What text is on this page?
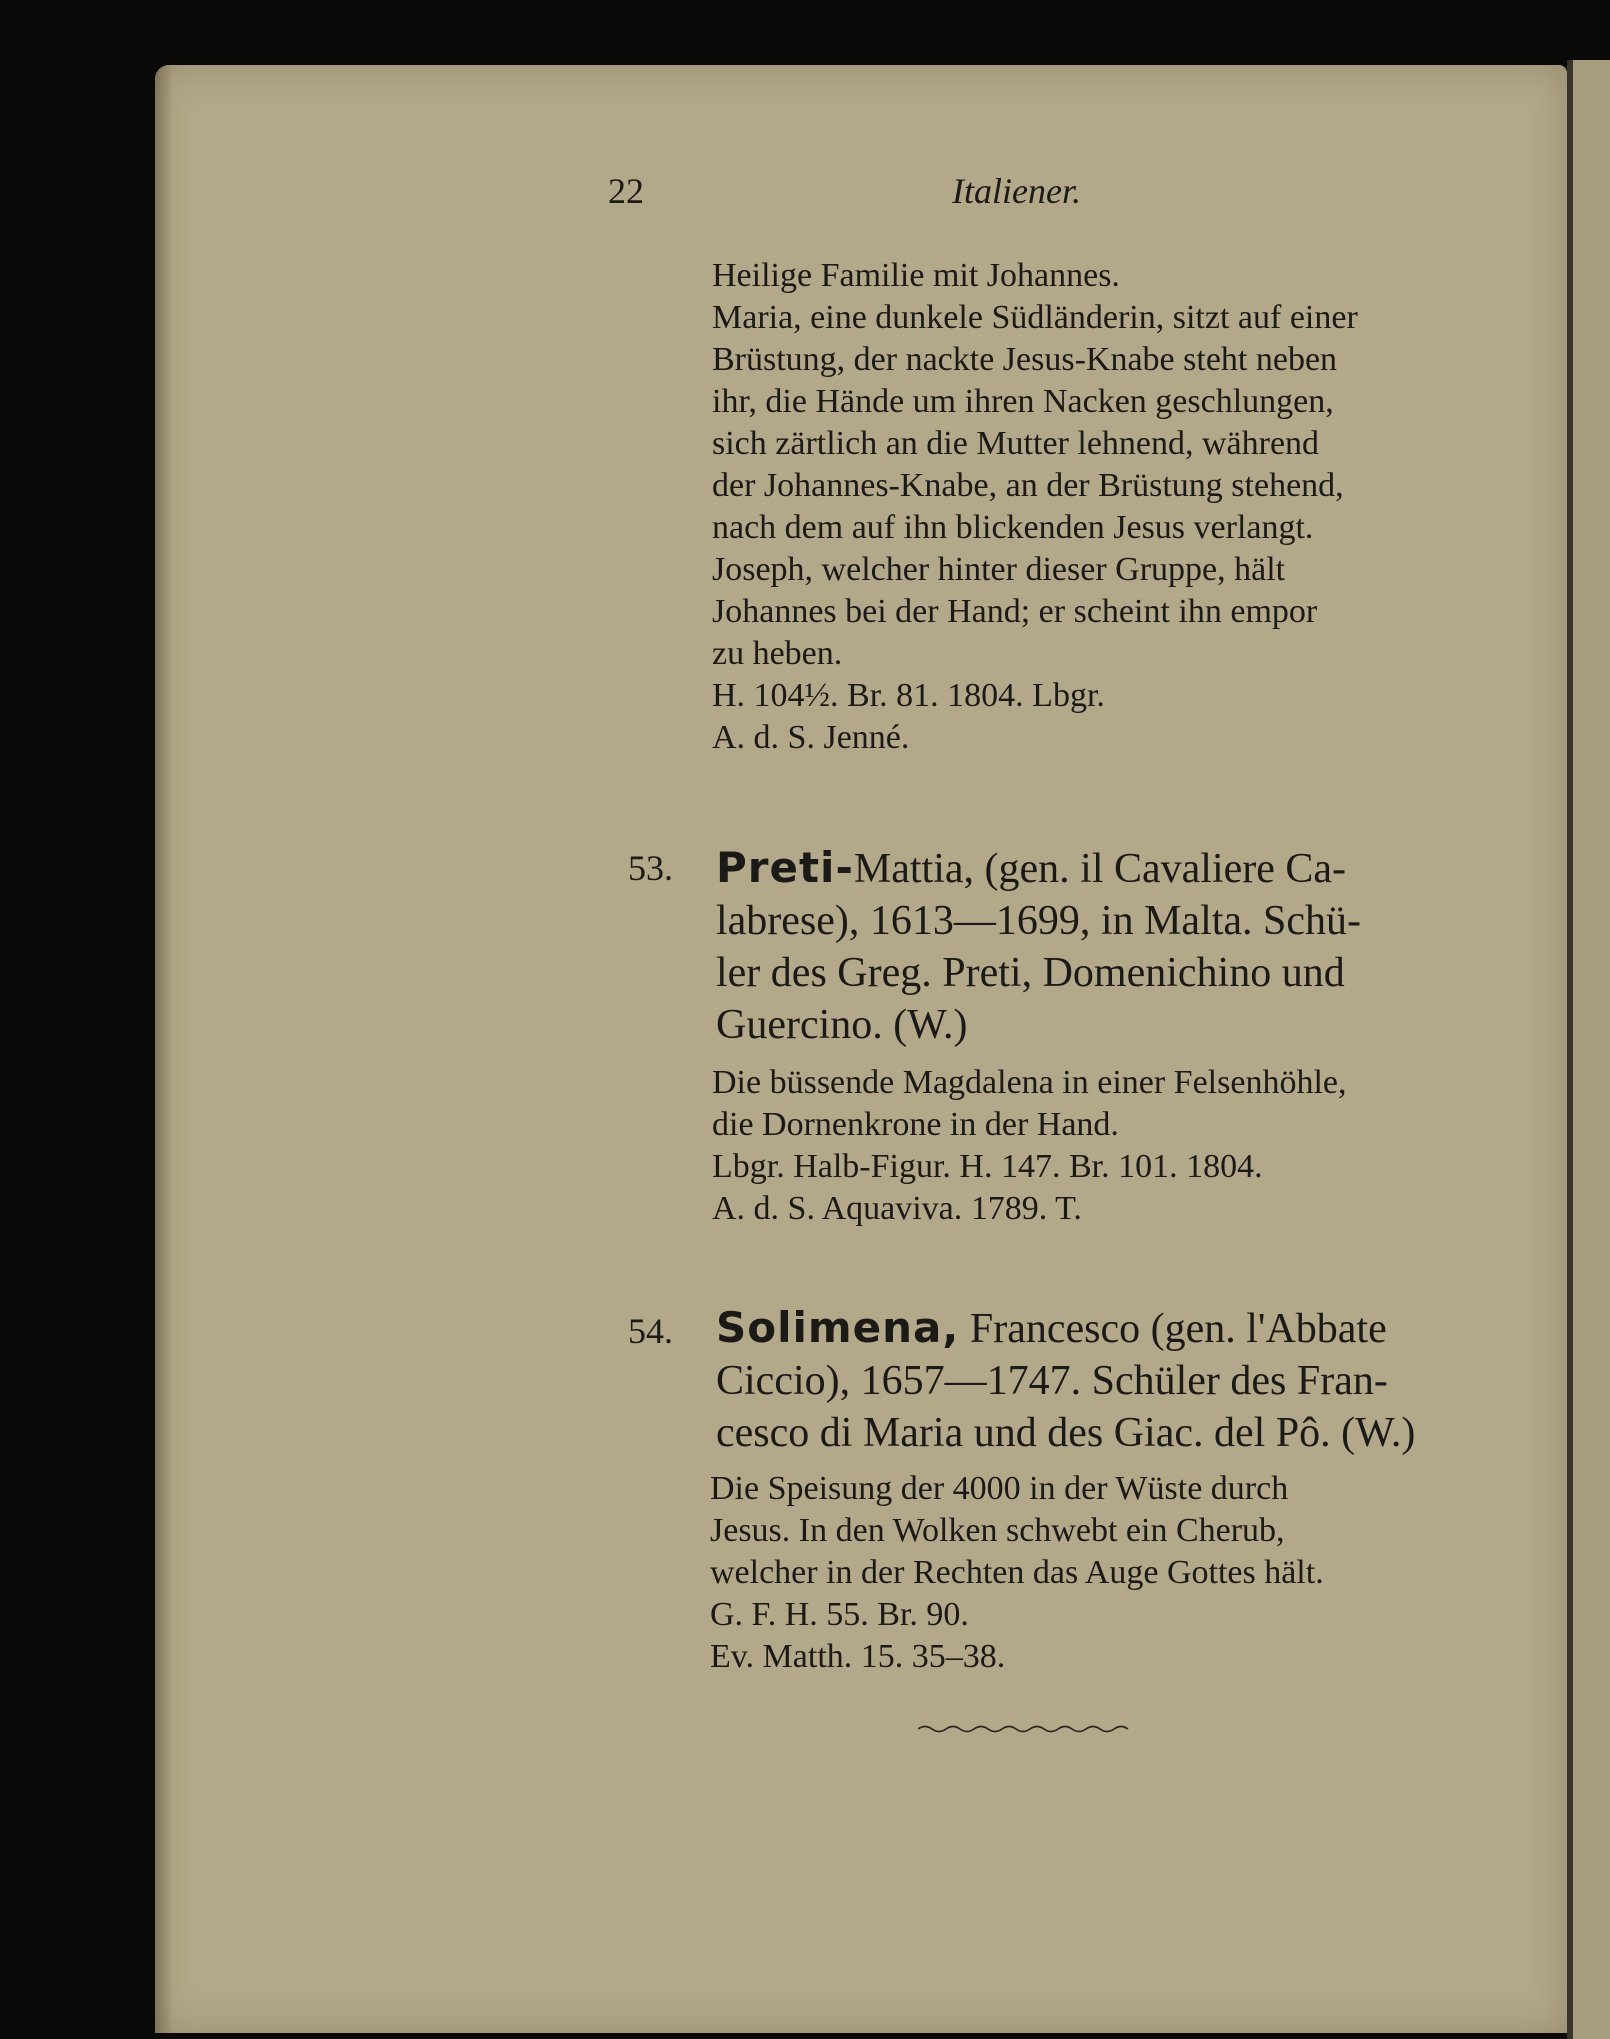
22	Italiener.
Heilige Familie mit Johannes.
Maria, eine dunkele Südländerin, sitzt auf einer
Brüstung, der nackte Jesus-Knabe steht neben
ihr, die Hände um ihren Nacken geschlungen,
sich zärtlich an die Mutter lehnend, während
der Johannes-Knabe, an der Brüstung stehend,
nach dem auf ihn blickenden Jesus verlangt.
Joseph, welcher hinter dieser Gruppe, hält
Johannes bei der Hand; er scheint ihn empor
zu heben.
H. 104½. Br. 81. 1804. Lbgr.
A. d. S. Jenné.
53. Preti-Mattia, (gen. il Cavaliere Ca-
labrese), 1613—1699, in Malta. Schü-
ler des Greg. Preti, Domenichino und
Guercino. (W.)
Die büssende Magdalena in einer Felsenhöhle,
die Dornenkrone in der Hand.
Lbgr. Halb-Figur. H. 147. Br. 101. 1804.
A. d. S. Aquaviva. 1789. T.
54. Solimena, Francesco (gen. l'Abbate
Ciccio), 1657—1747. Schüler des Fran-
cesco di Maria und des Giac. del Pô. (W.)
Die Speisung der 4000 in der Wüste durch
Jesus. In den Wolken schwebt ein Cherub,
welcher in der Rechten das Auge Gottes hält.
G. F. H. 55. Br. 90.
Ev. Matth. 15. 35–38.
